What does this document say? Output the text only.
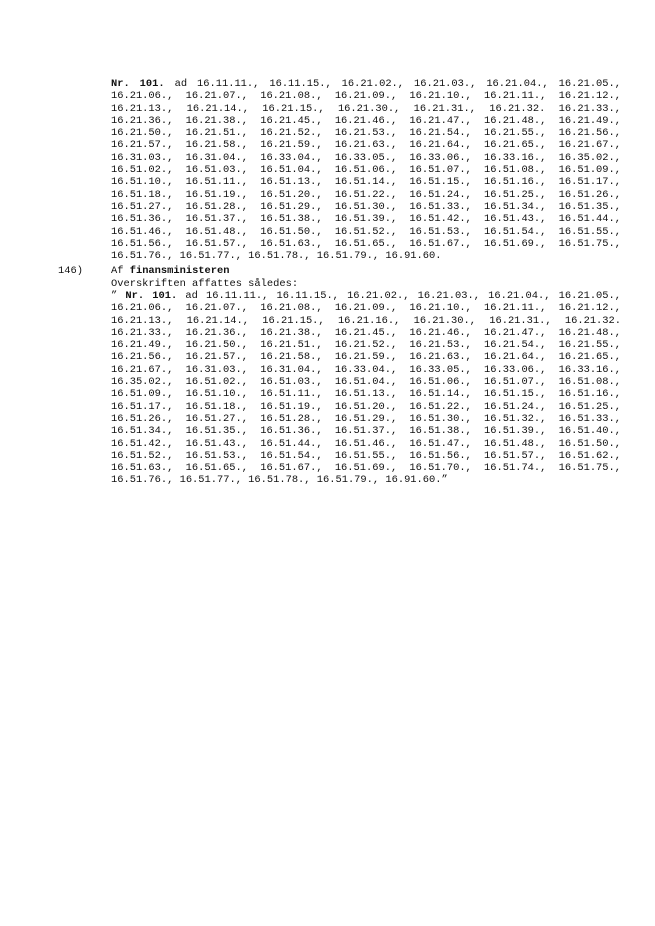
Nr. 101. ad 16.11.11., 16.11.15., 16.21.02., 16.21.03., 16.21.04., 16.21.05., 16.21.06., 16.21.07., 16.21.08., 16.21.09., 16.21.10., 16.21.11., 16.21.12., 16.21.13., 16.21.14., 16.21.15., 16.21.30., 16.21.31., 16.21.32. 16.21.33., 16.21.36., 16.21.38., 16.21.45., 16.21.46., 16.21.47., 16.21.48., 16.21.49., 16.21.50., 16.21.51., 16.21.52., 16.21.53., 16.21.54., 16.21.55., 16.21.56., 16.21.57., 16.21.58., 16.21.59., 16.21.63., 16.21.64., 16.21.65., 16.21.67., 16.31.03., 16.31.04., 16.33.04., 16.33.05., 16.33.06., 16.33.16., 16.35.02., 16.51.02., 16.51.03., 16.51.04., 16.51.06., 16.51.07., 16.51.08., 16.51.09., 16.51.10., 16.51.11., 16.51.13., 16.51.14., 16.51.15., 16.51.16., 16.51.17., 16.51.18., 16.51.19., 16.51.20., 16.51.22., 16.51.24., 16.51.25., 16.51.26., 16.51.27., 16.51.28., 16.51.29., 16.51.30., 16.51.33., 16.51.34., 16.51.35., 16.51.36., 16.51.37., 16.51.38., 16.51.39., 16.51.42., 16.51.43., 16.51.44., 16.51.46., 16.51.48., 16.51.50., 16.51.52., 16.51.53., 16.51.54., 16.51.55., 16.51.56., 16.51.57., 16.51.63., 16.51.65., 16.51.67., 16.51.69., 16.51.75., 16.51.76., 16.51.77., 16.51.78., 16.51.79., 16.91.60.
146)	Af finansministeren
Overskriften affattes således:
” Nr. 101. ad 16.11.11., 16.11.15., 16.21.02., 16.21.03., 16.21.04., 16.21.05., 16.21.06., 16.21.07., 16.21.08., 16.21.09., 16.21.10., 16.21.11., 16.21.12., 16.21.13., 16.21.14., 16.21.15., 16.21.16., 16.21.30., 16.21.31., 16.21.32. 16.21.33., 16.21.36., 16.21.38., 16.21.45., 16.21.46., 16.21.47., 16.21.48., 16.21.49., 16.21.50., 16.21.51., 16.21.52., 16.21.53., 16.21.54., 16.21.55., 16.21.56., 16.21.57., 16.21.58., 16.21.59., 16.21.63., 16.21.64., 16.21.65., 16.21.67., 16.31.03., 16.31.04., 16.33.04., 16.33.05., 16.33.06., 16.33.16., 16.35.02., 16.51.02., 16.51.03., 16.51.04., 16.51.06., 16.51.07., 16.51.08., 16.51.09., 16.51.10., 16.51.11., 16.51.13., 16.51.14., 16.51.15., 16.51.16., 16.51.17., 16.51.18., 16.51.19., 16.51.20., 16.51.22., 16.51.24., 16.51.25., 16.51.26., 16.51.27., 16.51.28., 16.51.29., 16.51.30., 16.51.32., 16.51.33., 16.51.34., 16.51.35., 16.51.36., 16.51.37., 16.51.38., 16.51.39., 16.51.40., 16.51.42., 16.51.43., 16.51.44., 16.51.46., 16.51.47., 16.51.48., 16.51.50., 16.51.52., 16.51.53., 16.51.54., 16.51.55., 16.51.56., 16.51.57., 16.51.62., 16.51.63., 16.51.65., 16.51.67., 16.51.69., 16.51.70., 16.51.74., 16.51.75., 16.51.76., 16.51.77., 16.51.78., 16.51.79., 16.91.60.”
